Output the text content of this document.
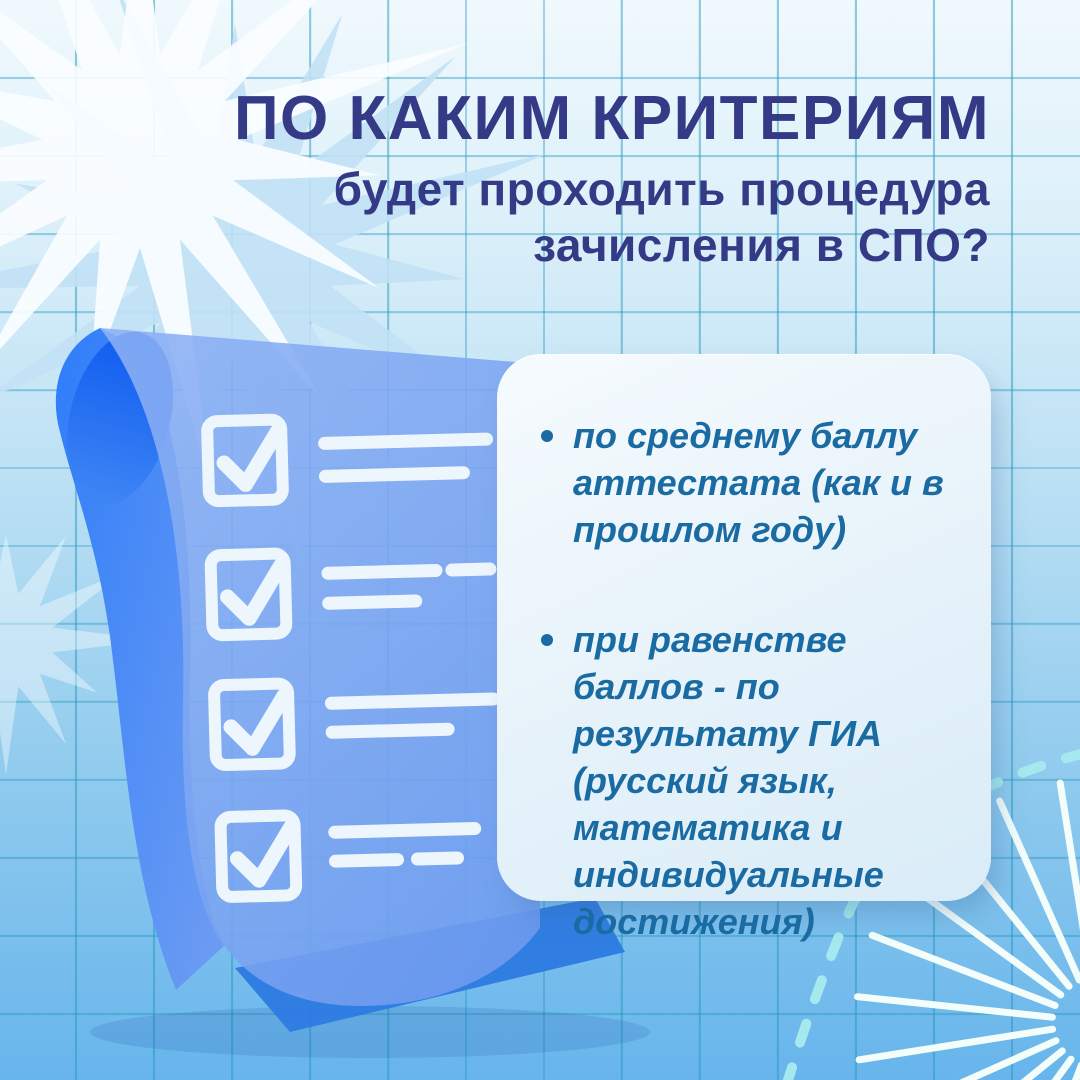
ПО КАКИМ КРИТЕРИЯМ
будет проходить процедура
зачисления в СПО?
по среднему баллу аттестата (как и в прошлом году)
при равенстве баллов - по результату ГИА (русский язык, математика и индивидуальные достижения)
